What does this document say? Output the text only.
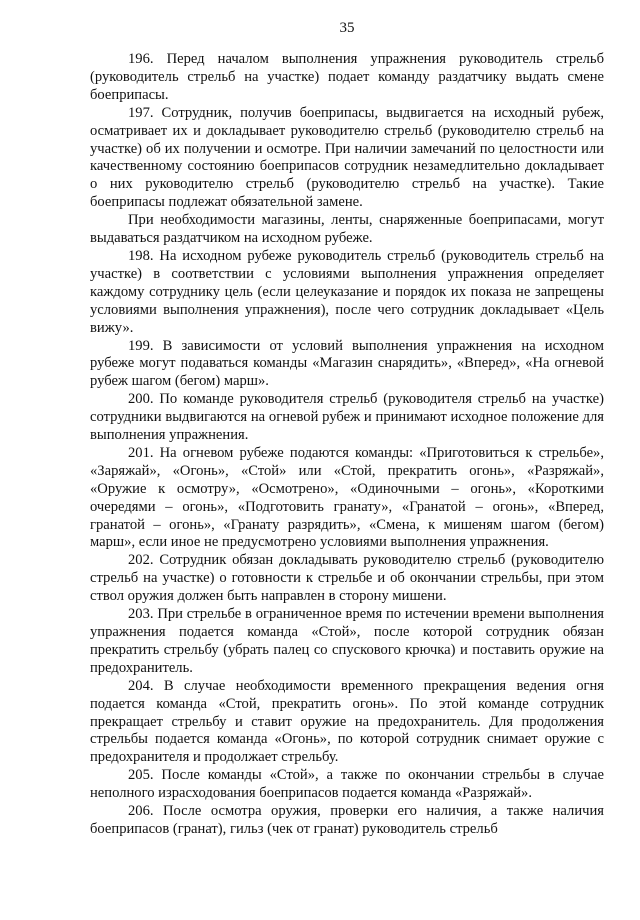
35

196. Перед началом выполнения упражнения руководитель стрельб (руководитель стрельб на участке) подает команду раздатчику выдать смене боеприпасы.

197. Сотрудник, получив боеприпасы, выдвигается на исходный рубеж, осматривает их и докладывает руководителю стрельб (руководителю стрельб на участке) об их получении и осмотре. При наличии замечаний по целостности или качественному состоянию боеприпасов сотрудник незамедлительно докладывает о них руководителю стрельб (руководителю стрельб на участке). Такие боеприпасы подлежат обязательной замене.

При необходимости магазины, ленты, снаряженные боеприпасами, могут выдаваться раздатчиком на исходном рубеже.

198. На исходном рубеже руководитель стрельб (руководитель стрельб на участке) в соответствии с условиями выполнения упражнения определяет каждому сотруднику цель (если целеуказание и порядок их показа не запрещены условиями выполнения упражнения), после чего сотрудник докладывает «Цель вижу».

199. В зависимости от условий выполнения упражнения на исходном рубеже могут подаваться команды «Магазин снарядить», «Вперед», «На огневой рубеж шагом (бегом) марш».

200. По команде руководителя стрельб (руководителя стрельб на участке) сотрудники выдвигаются на огневой рубеж и принимают исходное положение для выполнения упражнения.

201. На огневом рубеже подаются команды: «Приготовиться к стрельбе», «Заряжай», «Огонь», «Стой» или «Стой, прекратить огонь», «Разряжай», «Оружие к осмотру», «Осмотрено», «Одиночными – огонь», «Короткими очередями – огонь», «Подготовить гранату», «Гранатой – огонь», «Вперед, гранатой – огонь», «Гранату разрядить», «Смена, к мишеням шагом (бегом) марш», если иное не предусмотрено условиями выполнения упражнения.

202. Сотрудник обязан докладывать руководителю стрельб (руководителю стрельб на участке) о готовности к стрельбе и об окончании стрельбы, при этом ствол оружия должен быть направлен в сторону мишени.

203. При стрельбе в ограниченное время по истечении времени выполнения упражнения подается команда «Стой», после которой сотрудник обязан прекратить стрельбу (убрать палец со спускового крючка) и поставить оружие на предохранитель.

204. В случае необходимости временного прекращения ведения огня подается команда «Стой, прекратить огонь». По этой команде сотрудник прекращает стрельбу и ставит оружие на предохранитель. Для продолжения стрельбы подается команда «Огонь», по которой сотрудник снимает оружие с предохранителя и продолжает стрельбу.

205. После команды «Стой», а также по окончании стрельбы в случае неполного израсходования боеприпасов подается команда «Разряжай».

206. После осмотра оружия, проверки его наличия, а также наличия боеприпасов (гранат), гильз (чек от гранат) руководитель стрельб
